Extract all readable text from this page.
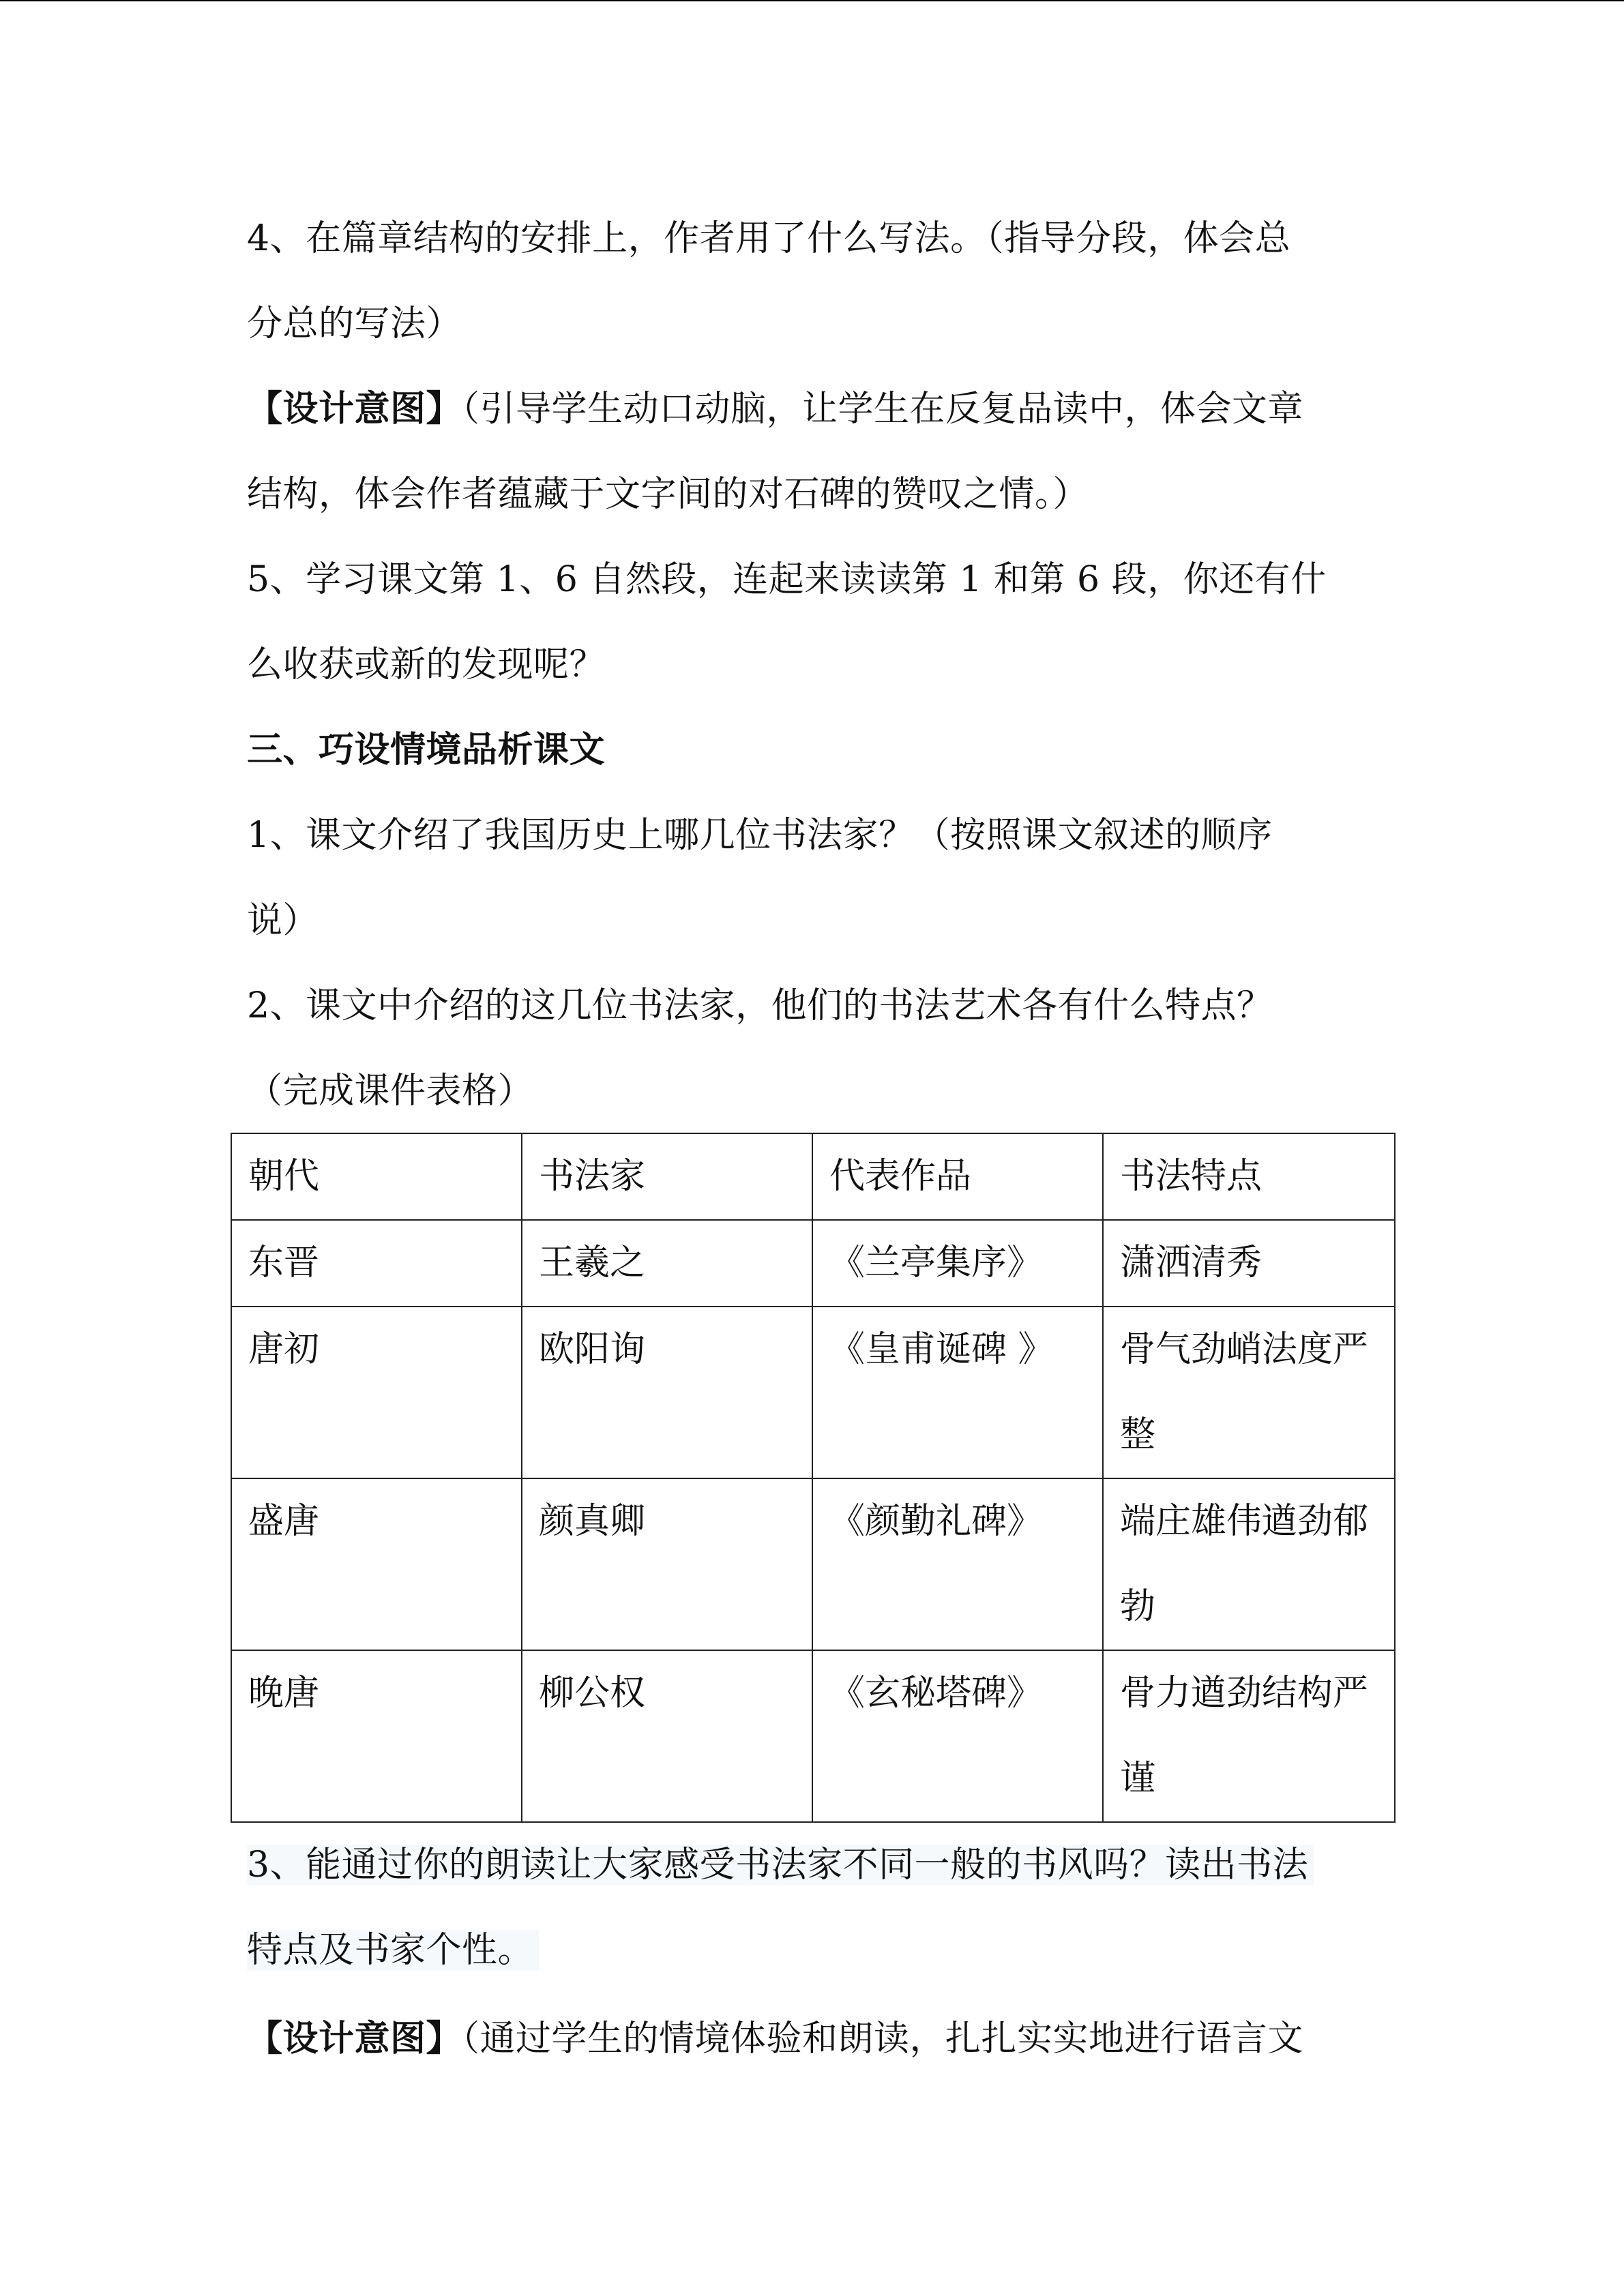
4、在篇章结构的安排上，作者用了什么写法。（指导分段，体会总
分总的写法）
【设计意图】（引导学生动口动脑，让学生在反复品读中，体会文章
结构，体会作者蕴藏于文字间的对石碑的赞叹之情。）
5、学习课文第 1、6 自然段，连起来读读第 1 和第 6 段，你还有什
么收获或新的发现呢？
三、巧设情境品析课文
1、课文介绍了我国历史上哪几位书法家？（按照课文叙述的顺序
说）
2、课文中介绍的这几位书法家，他们的书法艺术各有什么特点？
（完成课件表格）
3、能通过你的朗读让大家感受书法家不同一般的书风吗？读出书法
特点及书家个性。
【设计意图】（通过学生的情境体验和朗读，扎扎实实地进行语言文
朝代	书法家	代表作品	书法特点
东晋	王羲之	《兰亭集序》	潇洒清秀
唐初	欧阳询	《皇甫诞碑 》	骨气劲峭法度严整
盛唐	颜真卿	《颜勤礼碑》	端庄雄伟遒劲郁勃
晚唐	柳公权	《玄秘塔碑》	骨力遒劲结构严谨
